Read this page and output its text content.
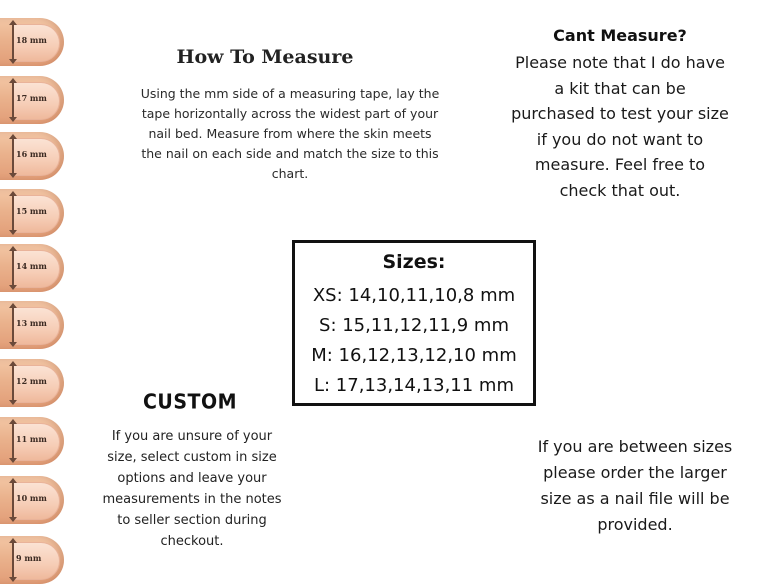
18 mm
17 mm
16 mm
15 mm
14 mm
13 mm
12 mm
11 mm
10 mm
9 mm
How To Measure
Using the mm side of a measuring tape, lay the tape horizontally across the widest part of your nail bed. Measure from where the skin meets the nail on each side and match the size to this chart.
Cant Measure?
Please note that I do have a kit that can be purchased to test your size if you do not want to measure. Feel free to check that out.
Sizes:
XS: 14,10,11,10,8 mm
S: 15,11,12,11,9 mm
M: 16,12,13,12,10 mm
L: 17,13,14,13,11 mm
CUSTOM
If you are unsure of your size, select custom in size options and leave your measurements in the notes to seller section during checkout.
If you are between sizes please order the larger size as a nail file will be provided.
